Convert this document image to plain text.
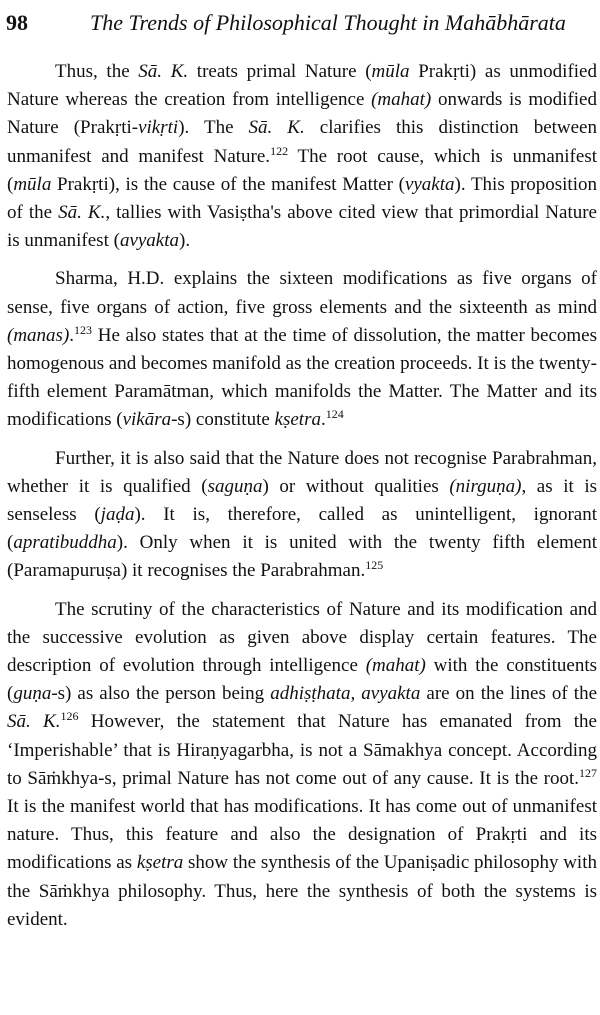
98	The Trends of Philosophical Thought in Mahābhārata

Thus, the Sā. K. treats primal Nature (mūla Prakṛti) as unmodified Nature whereas the creation from intelligence (mahat) onwards is modified Nature (Prakṛti-vikṛti). The Sā. K. clarifies this distinction between unmanifest and manifest Nature.$^{122}$ The root cause, which is unmanifest (mūla Prakṛti), is the cause of the manifest Matter (vyakta). This proposition of the Sā. K., tallies with Vasiṣtha's above cited view that primordial Nature is unmanifest (avyakta).

Sharma, H.D. explains the sixteen modifications as five organs of sense, five organs of action, five gross elements and the sixteenth as mind (manas).$^{123}$ He also states that at the time of dissolution, the matter becomes homogenous and becomes manifold as the creation proceeds. It is the twenty-fifth element Paramātman, which manifolds the Matter. The Matter and its modifications (vikāra-s) constitute kṣetra.$^{124}$

Further, it is also said that the Nature does not recognise Parabrahman, whether it is qualified (saguṇa) or without qualities (nirguṇa), as it is senseless (jaḍa). It is, therefore, called as unintelligent, ignorant (apratibuddha). Only when it is united with the twenty fifth element (Paramapuruṣa) it recognises the Parabrahman.$^{125}$

The scrutiny of the characteristics of Nature and its modification and the successive evolution as given above display certain features. The description of evolution through intelligence (mahat) with the constituents (guṇa-s) as also the person being adhiṣṭhata, avyakta are on the lines of the Sā. K.$^{126}$ However, the statement that Nature has emanated from the ‘Imperishable’ that is Hiraṇyagarbha, is not a Sāmakhya concept. According to Sāṁkhya-s, primal Nature has not come out of any cause. It is the root.$^{127}$ It is the manifest world that has modifications. It has come out of unmanifest nature. Thus, this feature and also the designation of Prakṛti and its modifications as kṣetra show the synthesis of the Upaniṣadic philosophy with the Sāṁkhya philosophy. Thus, here the synthesis of both the systems is evident.
